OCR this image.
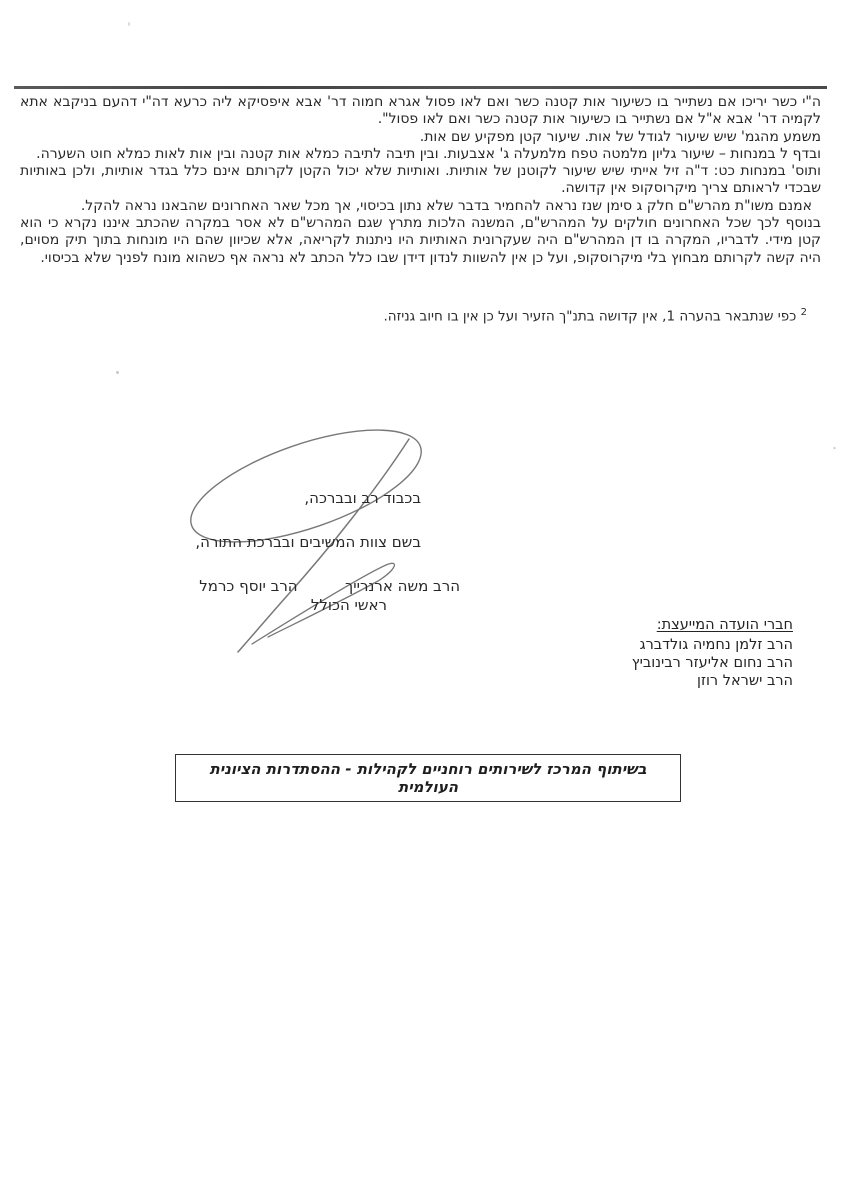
ה"י כשר יריכו אם נשתייר בו כשיעור אות קטנה כשר ואם לאו פסול אגרא חמוה דר' אבא איפסיקא ליה כרעא דה"י דהעם בניקבא אתא לקמיה דר' אבא א"ל אם נשתייר בו כשיעור אות קטנה כשר ואם לאו פסול".

משמע מהגמ' שיש שיעור לגודל של אות. שיעור קטן מפקיע שם אות.

ובדף ל במנחות – שיעור גליון מלמטה טפח מלמעלה ג' אצבעות. ובין תיבה לתיבה כמלא אות קטנה ובין אות לאות כמלא חוט השערה.

ותוס' במנחות כט: ד"ה זיל אייתי שיש שיעור לקוטנן של אותיות. ואותיות שלא יכול הקטן לקרותם אינם כלל בגדר אותיות, ולכן באותיות שבכדי לראותם צריך מיקרוסקופ אין קדושה.

אמנם משו"ת מהרש"ם חלק ג סימן שנז נראה להחמיר בדבר שלא נתון בכיסוי, אך מכל שאר האחרונים שהבאנו נראה להקל.

בנוסף לכך שכל האחרונים חולקים על המהרש"ם, המשנה הלכות מתרץ שגם המהרש"ם לא אסר במקרה שהכתב איננו נקרא כי הוא קטן מידי. לדבריו, המקרה בו דן המהרש"ם היה שעקרונית האותיות היו ניתנות לקריאה, אלא שכיוון שהם היו מונחות בתוך תיק מסוים, היה קשה לקרותם מבחוץ בלי מיקרוסקופ, ועל כן אין להשוות לנדון דידן שבו כלל הכתב לא נראה אף כשהוא מונח לפניך שלא בכיסוי.

$^2$ כפי שנתבאר בהערה 1, אין קדושה בתנ"ך הזעיר ועל כן אין בו חיוב גניזה.
בכבוד רב ובברכה,
בשם צוות המשיבים ובברכת התורה,
הרב משה ארנרייך  הרב יוסף כרמל
ראשי הכולל
חברי הועדה המייעצת:
הרב זלמן נחמיה גולדברג
הרב נחום אליעזר רבינוביץ
הרב ישראל רוזן
בשיתוף המרכז לשירותים רוחניים לקהילות - ההסתדרות הציונית העולמית
